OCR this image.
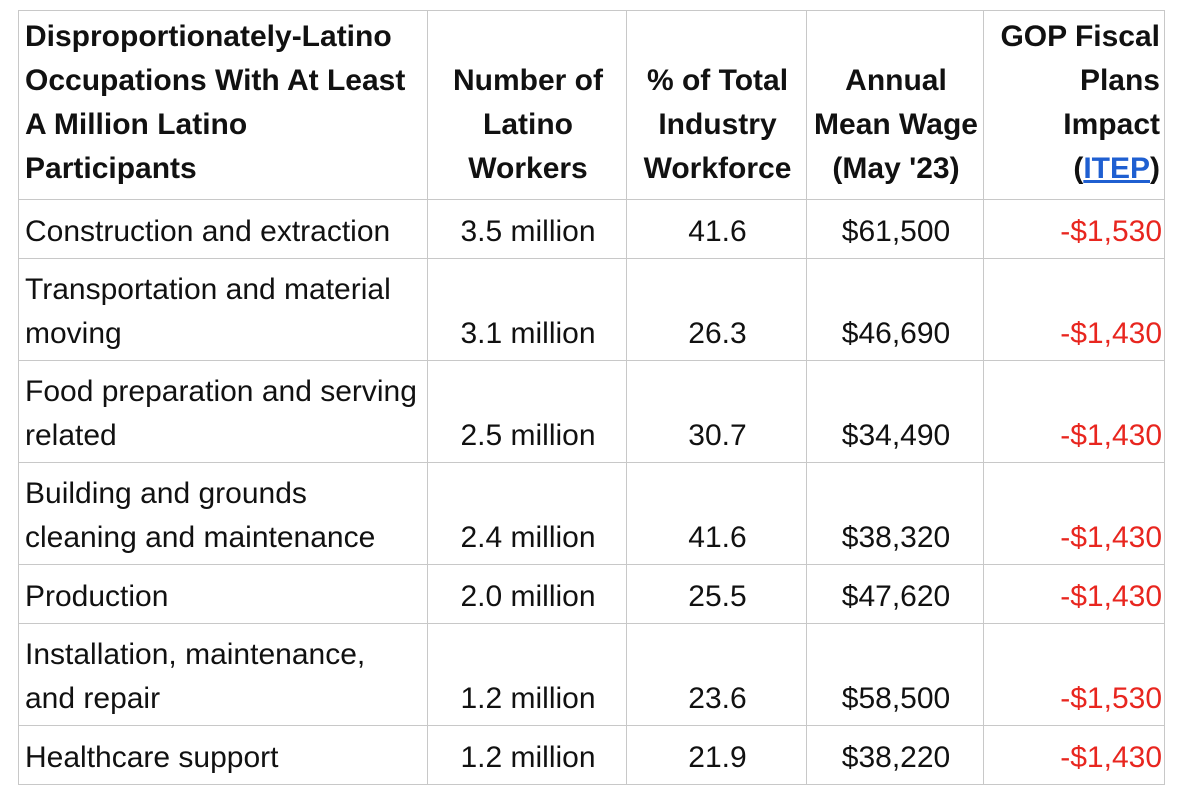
Disproportionately-Latino Occupations With At Least A Million Latino Participants	Number of Latino Workers	% of Total Industry Workforce	Annual Mean Wage (May '23)	GOP Fiscal Plans Impact (ITEP)
Construction and extraction	3.5 million	41.6	$61,500	-$1,530
Transportation and material moving	3.1 million	26.3	$46,690	-$1,430
Food preparation and serving related	2.5 million	30.7	$34,490	-$1,430
Building and grounds cleaning and maintenance	2.4 million	41.6	$38,320	-$1,430
Production	2.0 million	25.5	$47,620	-$1,430
Installation, maintenance, and repair	1.2 million	23.6	$58,500	-$1,530
Healthcare support	1.2 million	21.9	$38,220	-$1,430
